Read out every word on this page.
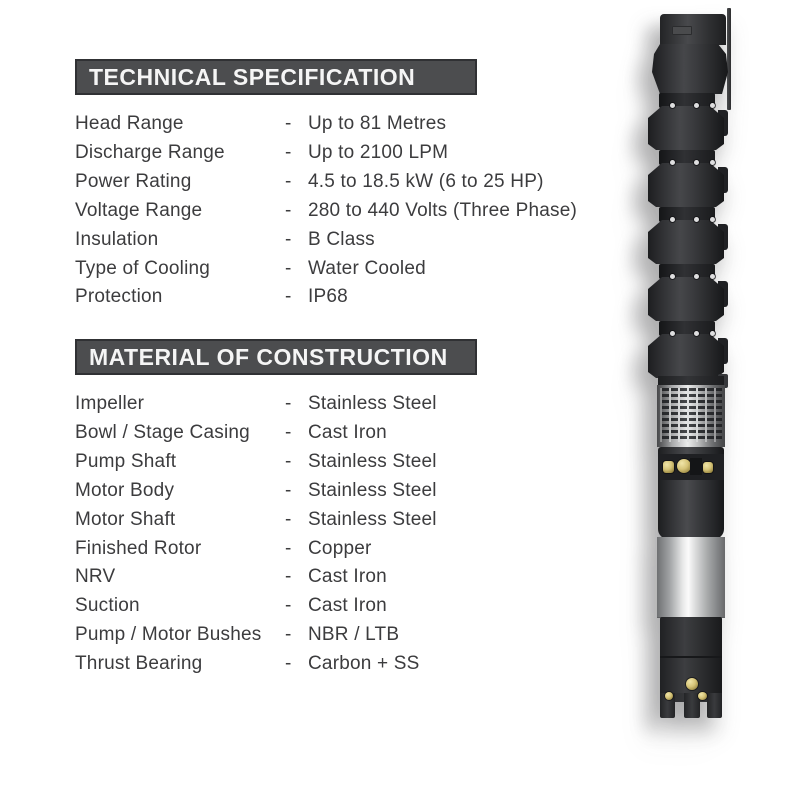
TECHNICAL SPECIFICATION
Head Range	- Up to 81 Metres
Discharge Range	- Up to 2100 LPM
Power Rating	- 4.5 to 18.5 kW (6 to 25 HP)
Voltage Range	- 280 to 440 Volts (Three Phase)
Insulation	- B Class
Type of Cooling	- Water Cooled
Protection	- IP68
MATERIAL OF CONSTRUCTION
Impeller	- Stainless Steel
Bowl / Stage Casing	- Cast Iron
Pump Shaft	- Stainless Steel
Motor Body	- Stainless Steel
Motor Shaft	- Stainless Steel
Finished Rotor	- Copper
NRV	- Cast Iron
Suction	- Cast Iron
Pump / Motor Bushes	- NBR / LTB
Thrust Bearing	- Carbon + SS
